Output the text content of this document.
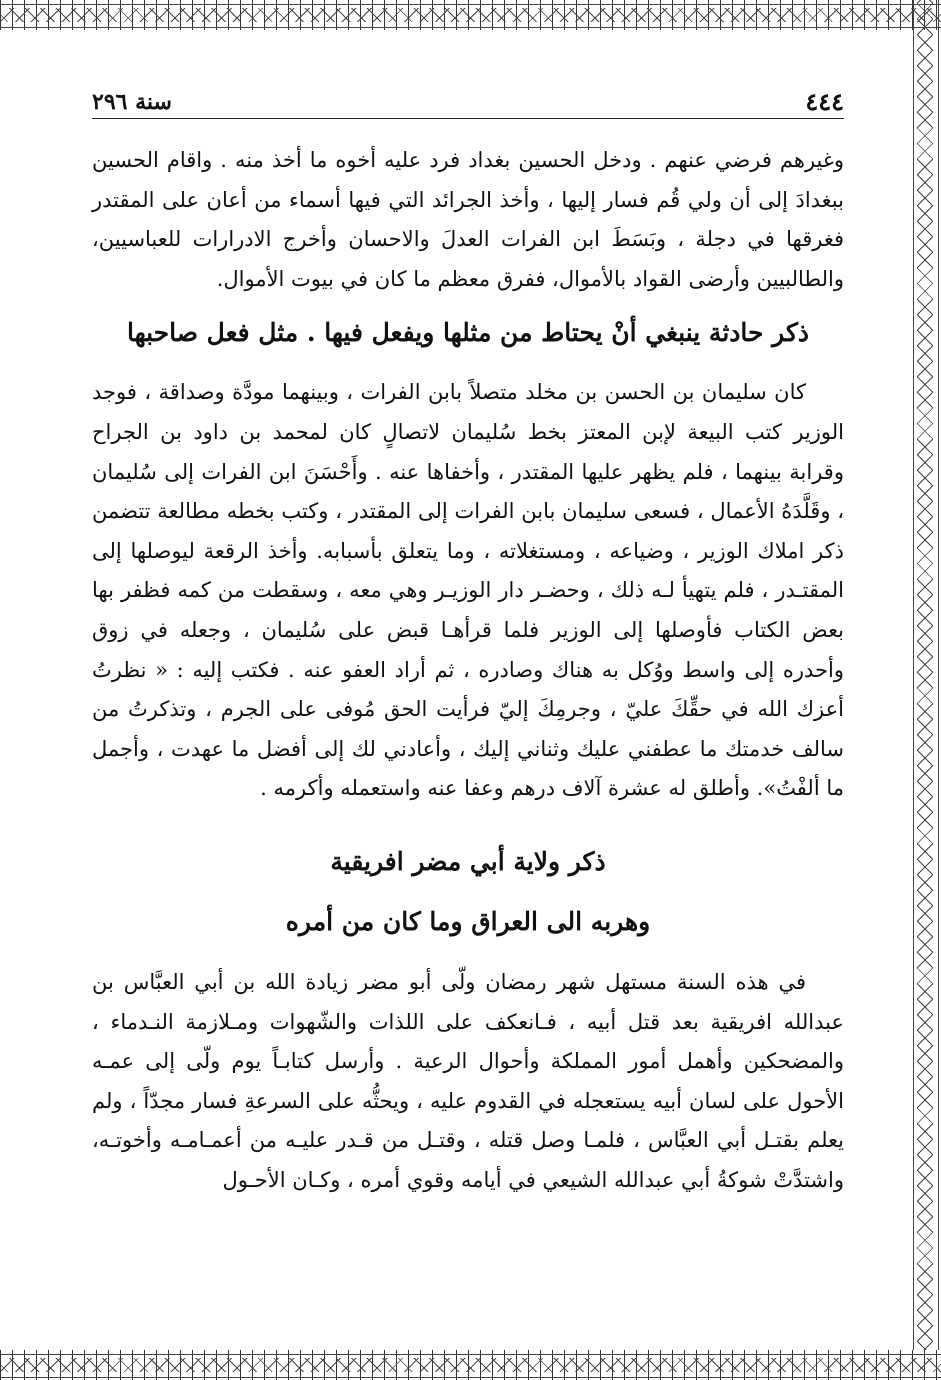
٤٤٤
سنة ٢٩٦

وغيرهم فرضي عنهم . ودخل الحسين بغداد فرد عليه أخوه ما أخذ منه . واقام الحسين ببغدادَ إلى أن ولي قُم فسار إليها ، وأخذ الجرائد التي فيها أسماء من أعان على المقتدر فغرقها في دجلة ، وبَسَطَ ابن الفرات العدلَ والاحسان وأخرج الادرارات للعباسيين، والطالبيين وأرضى القواد بالأموال، ففرق معظم ما كان في بيوت الأموال.

ذكر حادثة ينبغي أنْ يحتاط من مثلها ويفعل فيها . مثل فعل صاحبها

كان سليمان بن الحسن بن مخلد متصلاً بابن الفرات ، وبينهما مودَّة وصداقة ، فوجد الوزير كتب البيعة لإبن المعتز بخط سُليمان لاتصالٍ كان لمحمد بن داود بن الجراح وقرابة بينهما ، فلم يظهر عليها المقتدر ، وأخفاها عنه . وأَحْسَنَ ابن الفرات إلى سُليمان ، وقَلَّدَهُ الأعمال ، فسعى سليمان بابن الفرات إلى المقتدر ، وكتب بخطه مطالعة تتضمن ذكر املاك الوزير ، وضياعه ، ومستغلاته ، وما يتعلق بأسبابه. وأخذ الرقعة ليوصلها إلى المقتـدر ، فلم يتهيأ لـه ذلك ، وحضـر دار الوزيـر وهي معه ، وسقطت من كمه فظفر بها بعض الكتاب فأوصلها إلى الوزير فلما قرأهـا قبض على سُليمان ، وجعله في زوق وأحدره إلى واسط ووُكل به هناك وصادره ، ثم أراد العفو عنه . فكتب إليه : « نظرتُ أعزك الله في حقِّكَ عليّ ، وجرمِكَ إليّ فرأيت الحق مُوفى على الجرم ، وتذكرتُ من سالف خدمتك ما عطفني عليك وثناني إليك ، وأعادني لك إلى أفضل ما عهدت ، وأجمل ما ألفْتُ». وأطلق له عشرة آلاف درهم وعفا عنه واستعمله وأكرمه .

ذكر ولاية أبي مضر افريقية
وهربه الى العراق وما كان من أمره

في هذه السنة مستهل شهر رمضان ولّى أبو مضر زيادة الله بن أبي العبَّاس بن عبدالله افريقية بعد قتل أبيه ، فـانعكف على اللذات والشّهوات ومـلازمة النـدماء ، والمضحكين وأهمل أمور المملكة وأحوال الرعية . وأرسل كتابـاً يوم ولّى إلى عمـه الأحول على لسان أبيه يستعجله في القدوم عليه ، ويحثُّه على السرعةِ فسار مجدّاً ، ولم يعلم بقتـل أبي العبَّاس ، فلمـا وصل قتله ، وقتـل من قـدر عليـه من أعمـامـه وأخوتـه، واشتدَّتْ شوكةُ أبي عبدالله الشيعي في أيامه وقوي أمره ، وكـان الأحـول
